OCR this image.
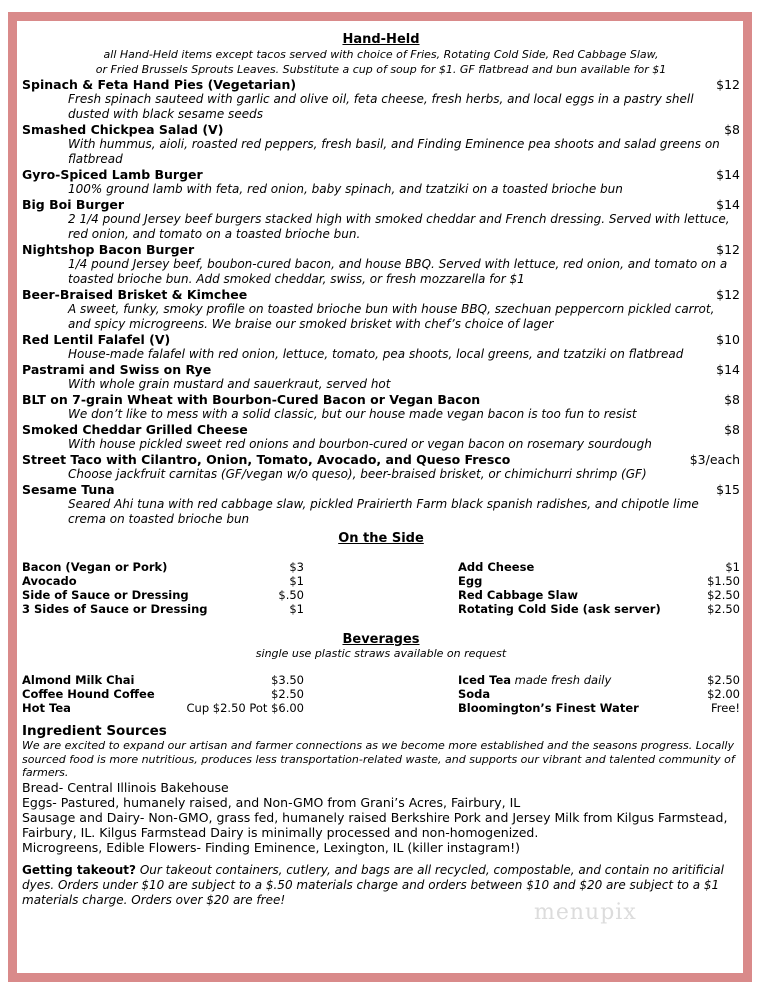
Hand-Held
all Hand-Held items except tacos served with choice of Fries, Rotating Cold Side, Red Cabbage Slaw,
or Fried Brussels Sprouts Leaves. Substitute a cup of soup for $1. GF flatbread and bun available for $1
Spinach & Feta Hand Pies (Vegetarian)	$12
Fresh spinach sauteed with garlic and olive oil, feta cheese, fresh herbs, and local eggs in a pastry shell dusted with black sesame seeds
Smashed Chickpea Salad (V)	$8
With hummus, aioli, roasted red peppers, fresh basil, and Finding Eminence pea shoots and salad greens on flatbread
Gyro-Spiced Lamb Burger	$14
100% ground lamb with feta, red onion, baby spinach, and tzatziki on a toasted brioche bun
Big Boi Burger	$14
2 1/4 pound Jersey beef burgers stacked high with smoked cheddar and French dressing. Served with lettuce, red onion, and tomato on a toasted brioche bun.
Nightshop Bacon Burger	$12
1/4 pound Jersey beef, boubon-cured bacon, and house BBQ. Served with lettuce, red onion, and tomato on a toasted brioche bun. Add smoked cheddar, swiss, or fresh mozzarella for $1
Beer-Braised Brisket & Kimchee	$12
A sweet, funky, smoky profile on toasted brioche bun with house BBQ, szechuan peppercorn pickled carrot, and spicy microgreens. We braise our smoked brisket with chef’s choice of lager
Red Lentil Falafel (V)	$10
House-made falafel with red onion, lettuce, tomato, pea shoots, local greens, and tzatziki on flatbread
Pastrami and Swiss on Rye	$14
With whole grain mustard and sauerkraut, served hot
BLT on 7-grain Wheat with Bourbon-Cured Bacon or Vegan Bacon	$8
We don’t like to mess with a solid classic, but our house made vegan bacon is too fun to resist
Smoked Cheddar Grilled Cheese	$8
With house pickled sweet red onions and bourbon-cured or vegan bacon on rosemary sourdough
Street Taco with Cilantro, Onion, Tomato, Avocado, and Queso Fresco	$3/each
Choose jackfruit carnitas (GF/vegan w/o queso), beer-braised brisket, or chimichurri shrimp (GF)
Sesame Tuna	$15
Seared Ahi tuna with red cabbage slaw, pickled Prairierth Farm black spanish radishes, and chipotle lime crema on toasted brioche bun
On the Side
Bacon (Vegan or Pork)	$3
Avocado	$1
Side of Sauce or Dressing	$.50
3 Sides of Sauce or Dressing	$1
Add Cheese	$1
Egg	$1.50
Red Cabbage Slaw	$2.50
Rotating Cold Side (ask server)	$2.50
Beverages
single use plastic straws available on request
Almond Milk Chai	$3.50
Coffee Hound Coffee	$2.50
Hot Tea	Cup $2.50 Pot $6.00
Iced Tea made fresh daily	$2.50
Soda	$2.00
Bloomington’s Finest Water	Free!
Ingredient Sources
We are excited to expand our artisan and farmer connections as we become more established and the seasons progress. Locally sourced food is more nutritious, produces less transportation-related waste, and supports our vibrant and talented community of farmers.
Bread- Central Illinois Bakehouse
Eggs- Pastured, humanely raised, and Non-GMO from Grani’s Acres, Fairbury, IL
Sausage and Dairy- Non-GMO, grass fed, humanely raised Berkshire Pork and Jersey Milk from Kilgus Farmstead, Fairbury, IL. Kilgus Farmstead Dairy is minimally processed and non-homogenized.
Microgreens, Edible Flowers- Finding Eminence, Lexington, IL (killer instagram!)
Getting takeout? Our takeout containers, cutlery, and bags are all recycled, compostable, and contain no aritificial dyes. Orders under $10 are subject to a $.50 materials charge and orders between $10 and $20 are subject to a $1 materials charge. Orders over $20 are free!
menupix
